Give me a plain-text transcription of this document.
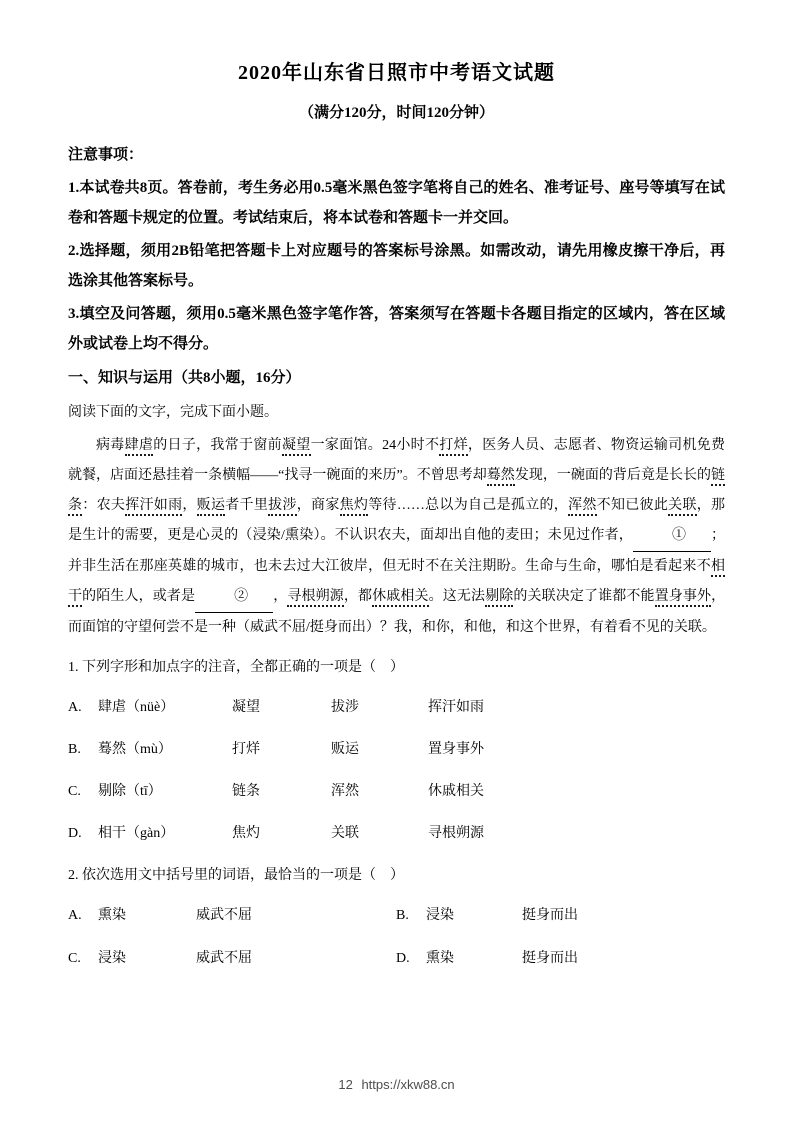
2020年山东省日照市中考语文试题
（满分120分，时间120分钟）

注意事项：

1.本试卷共8页。答卷前，考生务必用0.5毫米黑色签字笔将自己的姓名、准考证号、座号等填写在试卷和答题卡规定的位置。考试结束后，将本试卷和答题卡一并交回。

2.选择题，须用2B铅笔把答题卡上对应题号的答案标号涂黑。如需改动，请先用橡皮擦干净后，再选涂其他答案标号。

3.填空及问答题，须用0.5毫米黑色签字笔作答，答案须写在答题卡各题目指定的区域内，答在区域外或试卷上均不得分。

一、知识与运用（共8小题，16分）

阅读下面的文字，完成下面小题。

病毒肆虐的日子，我常于窗前凝望一家面馆。24小时不打烊，医务人员、志愿者、物资运输司机免费就餐，店面还悬挂着一条横幅——“找寻一碗面的来历”。不曾思考却蓦然发现，一碗面的背后竟是长长的链条：农夫挥汗如雨，贩运者千里拔涉，商家焦灼等待……总以为自己是孤立的，浑然不知已彼此关联，那是生计的需要，更是心灵的（浸染/熏染）。不认识农夫，面却出自他的麦田；未见过作者，　①　；并非生活在那座英雄的城市，也未去过大江彼岸，但无时不在关注期盼。生命与生命，哪怕是看起来不相干的陌生人，或者是　②　，寻根朔源，都休戚相关。这无法剔除的关联决定了谁都不能置身事外，而面馆的守望何尝不是一种（威武不屈/挺身而出）？我，和你，和他，和这个世界，有着看不见的关联。

1. 下列字形和加点字的注音，全都正确的一项是（　）

A.	肆虐（nüè）	凝望	拔涉	挥汗如雨
B.	蓦然（mù）	打烊	贩运	置身事外
C.	剔除（tī）	链条	浑然	休戚相关
D.	相干（gàn）	焦灼	关联	寻根朔源

2. 依次选用文中括号里的词语，最恰当的一项是（　）

A.	熏染	威武不屈	B.	浸染	挺身而出
C.	浸染	威武不屈	D.	熏染	挺身而出
12 https://xkw88.cn
